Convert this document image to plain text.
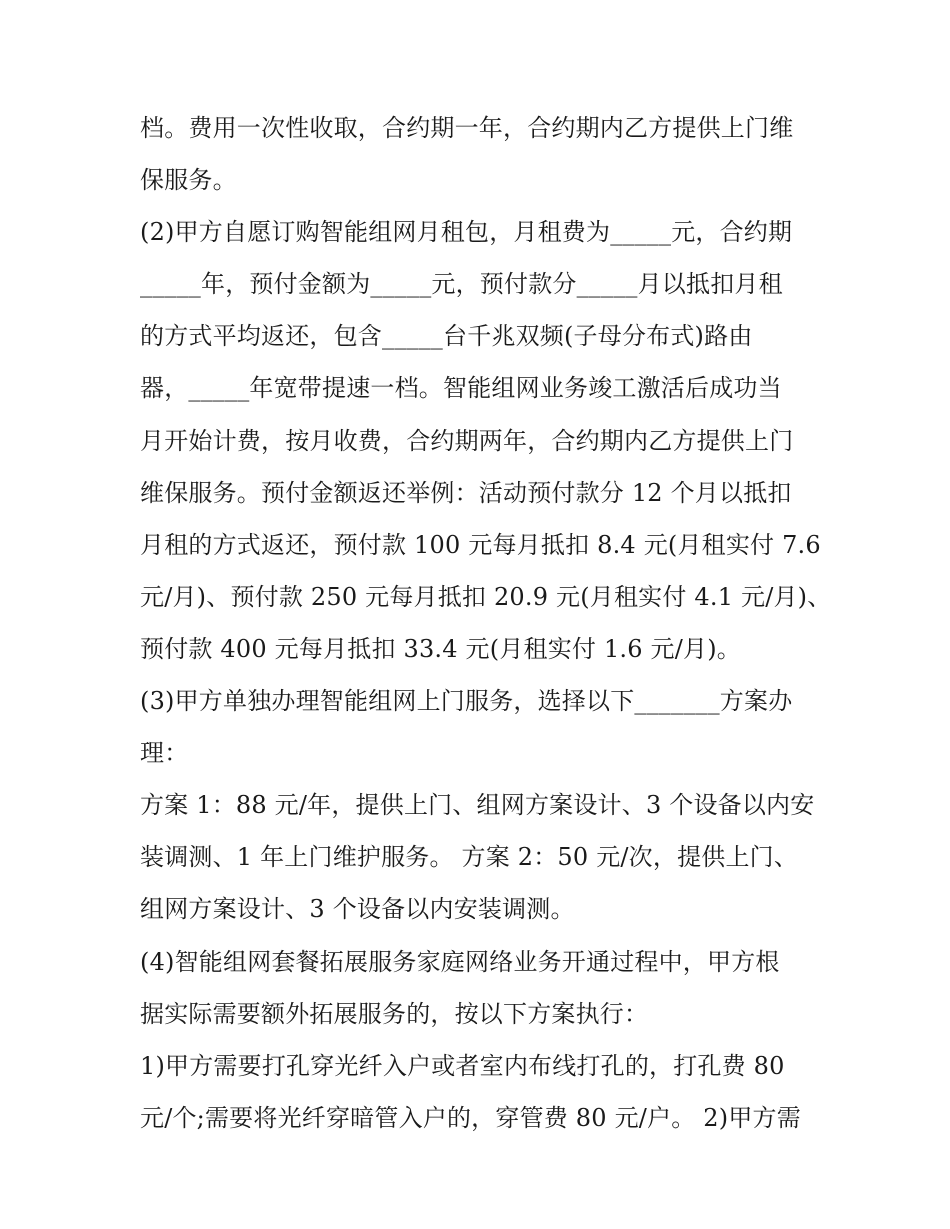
档。费用一次性收取，合约期一年，合约期内乙方提供上门维
保服务。
(2)甲方自愿订购智能组网月租包，月租费为_____元，合约期
_____年，预付金额为_____元，预付款分_____月以抵扣月租
的方式平均返还，包含_____台千兆双频(子母分布式)路由
器，_____年宽带提速一档。智能组网业务竣工激活后成功当
月开始计费，按月收费，合约期两年，合约期内乙方提供上门
维保服务。预付金额返还举例：活动预付款分 12 个月以抵扣
月租的方式返还，预付款 100 元每月抵扣 8.4 元(月租实付 7.6
元/月)、预付款 250 元每月抵扣 20.9 元(月租实付 4.1 元/月)、
预付款 400 元每月抵扣 33.4 元(月租实付 1.6 元/月)。
(3)甲方单独办理智能组网上门服务，选择以下_______方案办
理：
方案 1：88 元/年，提供上门、组网方案设计、3 个设备以内安
装调测、1 年上门维护服务。 方案 2：50 元/次，提供上门、
组网方案设计、3 个设备以内安装调测。
(4)智能组网套餐拓展服务家庭网络业务开通过程中，甲方根
据实际需要额外拓展服务的，按以下方案执行：
1)甲方需要打孔穿光纤入户或者室内布线打孔的，打孔费 80
元/个;需要将光纤穿暗管入户的，穿管费 80 元/户。 2)甲方需
